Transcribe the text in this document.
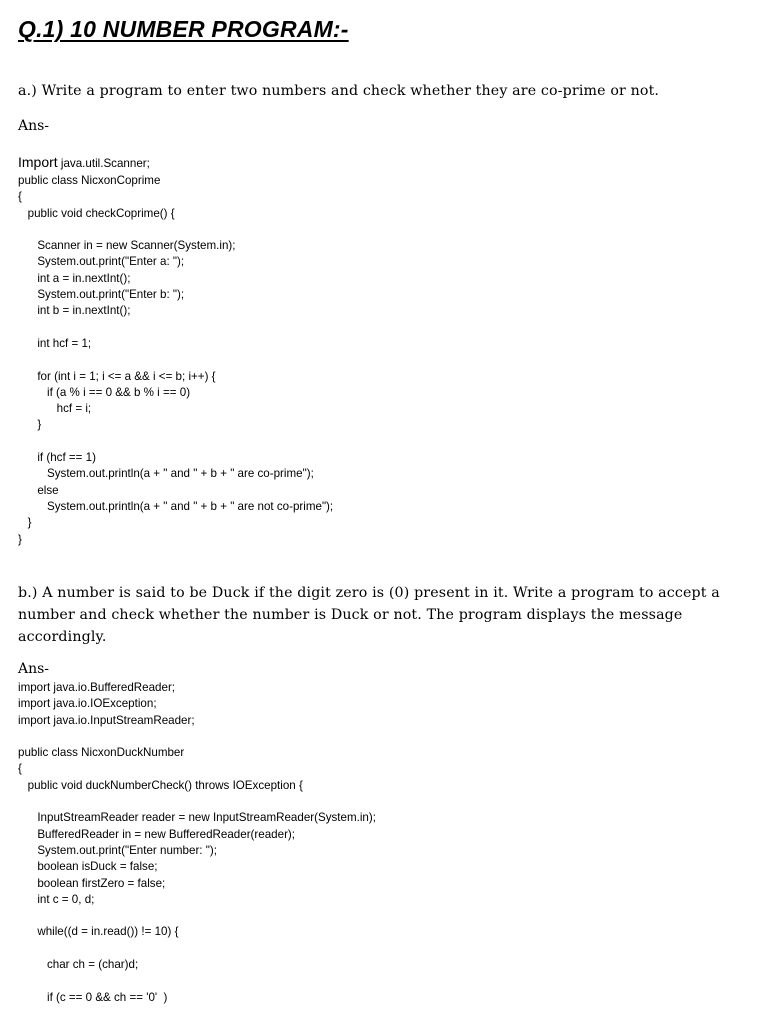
Q.1) 10 NUMBER PROGRAM:-
a.) Write a program to enter two numbers and check whether they are co-prime or not.
Ans-
Import java.util.Scanner;
public class NicxonCoprime
{
public void checkCoprime() {
Scanner in = new Scanner(System.in);
System.out.print("Enter a: ");
int a = in.nextInt();
System.out.print("Enter b: ");
int b = in.nextInt();
int hcf = 1;
for (int i = 1; i <= a && i <= b; i++) {
if (a % i == 0 && b % i == 0)
hcf = i;
}
if (hcf == 1)
System.out.println(a + " and " + b + " are co-prime");
else
System.out.println(a + " and " + b + " are not co-prime");
}
}
b.) A number is said to be Duck if the digit zero is (0) present in it. Write a program to accept a number and check whether the number is Duck or not. The program displays the message accordingly.
Ans-
import java.io.BufferedReader;
import java.io.IOException;
import java.io.InputStreamReader;
public class NicxonDuckNumber
{
public void duckNumberCheck() throws IOException {
InputStreamReader reader = new InputStreamReader(System.in);
BufferedReader in = new BufferedReader(reader);
System.out.print("Enter number: ");
boolean isDuck = false;
boolean firstZero = false;
int c = 0, d;
while((d = in.read()) != 10) {
char ch = (char)d;
if (c == 0 && ch == '0'  )
